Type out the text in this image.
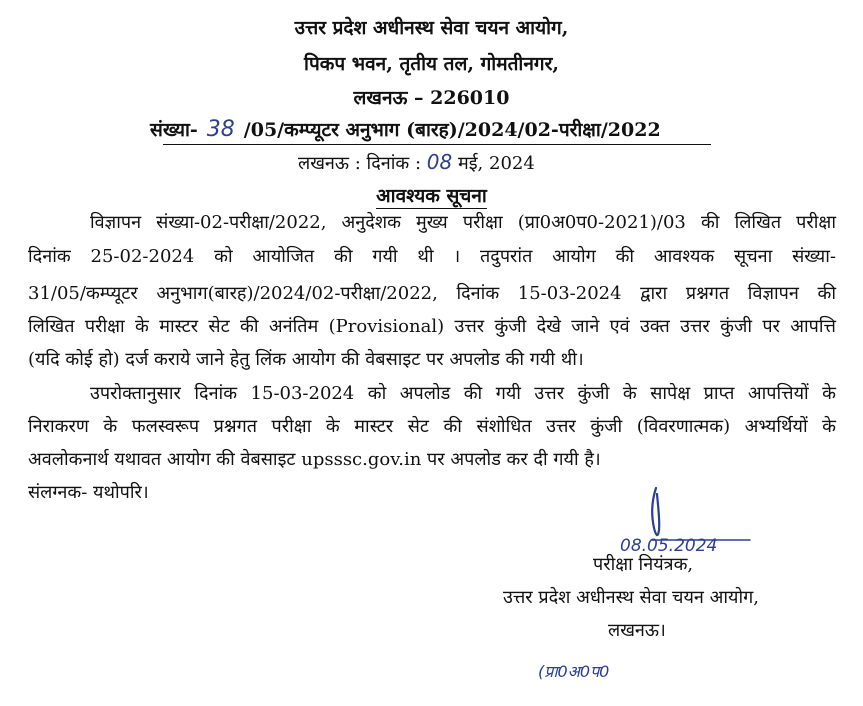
उत्तर प्रदेश अधीनस्थ सेवा चयन आयोग,
पिकप भवन, तृतीय तल, गोमतीनगर,
लखनऊ – 226010
संख्या- 38 /05/कम्प्यूटर अनुभाग (बारह)/2024/02-परीक्षा/2022
लखनऊ : दिनांक : 08 मई, 2024
आवश्यक सूचना
विज्ञापन संख्या-02-परीक्षा/2022, अनुदेशक मुख्य परीक्षा (प्रा0अ0प0-2021)/03 की लिखित परीक्षा
दिनांक 25-02-2024 को आयोजित की गयी थी । तदुपरांत आयोग की आवश्यक सूचना संख्या-
31/05/कम्प्यूटर अनुभाग(बारह)/2024/02-परीक्षा/2022, दिनांक 15-03-2024 द्वारा प्रश्नगत विज्ञापन की
लिखित परीक्षा के मास्टर सेट की अनंतिम (Provisional) उत्तर कुंजी देखे जाने एवं उक्त उत्तर कुंजी पर आपत्ति
(यदि कोई हो) दर्ज कराये जाने हेतु लिंक आयोग की वेबसाइट पर अपलोड की गयी थी।
उपरोक्तानुसार दिनांक 15-03-2024 को अपलोड की गयी उत्तर कुंजी के सापेक्ष प्राप्त आपत्तियों के
निराकरण के फलस्वरूप प्रश्नगत परीक्षा के मास्टर सेट की संशोधित उत्तर कुंजी (विवरणात्मक) अभ्यर्थियों के
अवलोकनार्थ यथावत आयोग की वेबसाइट upsssc.gov.in पर अपलोड कर दी गयी है।
संलग्नक- यथोपरि।
08.05.2024
परीक्षा नियंत्रक,
उत्तर प्रदेश अधीनस्थ सेवा चयन आयोग,
लखनऊ।
(प्रा0अ0प0
